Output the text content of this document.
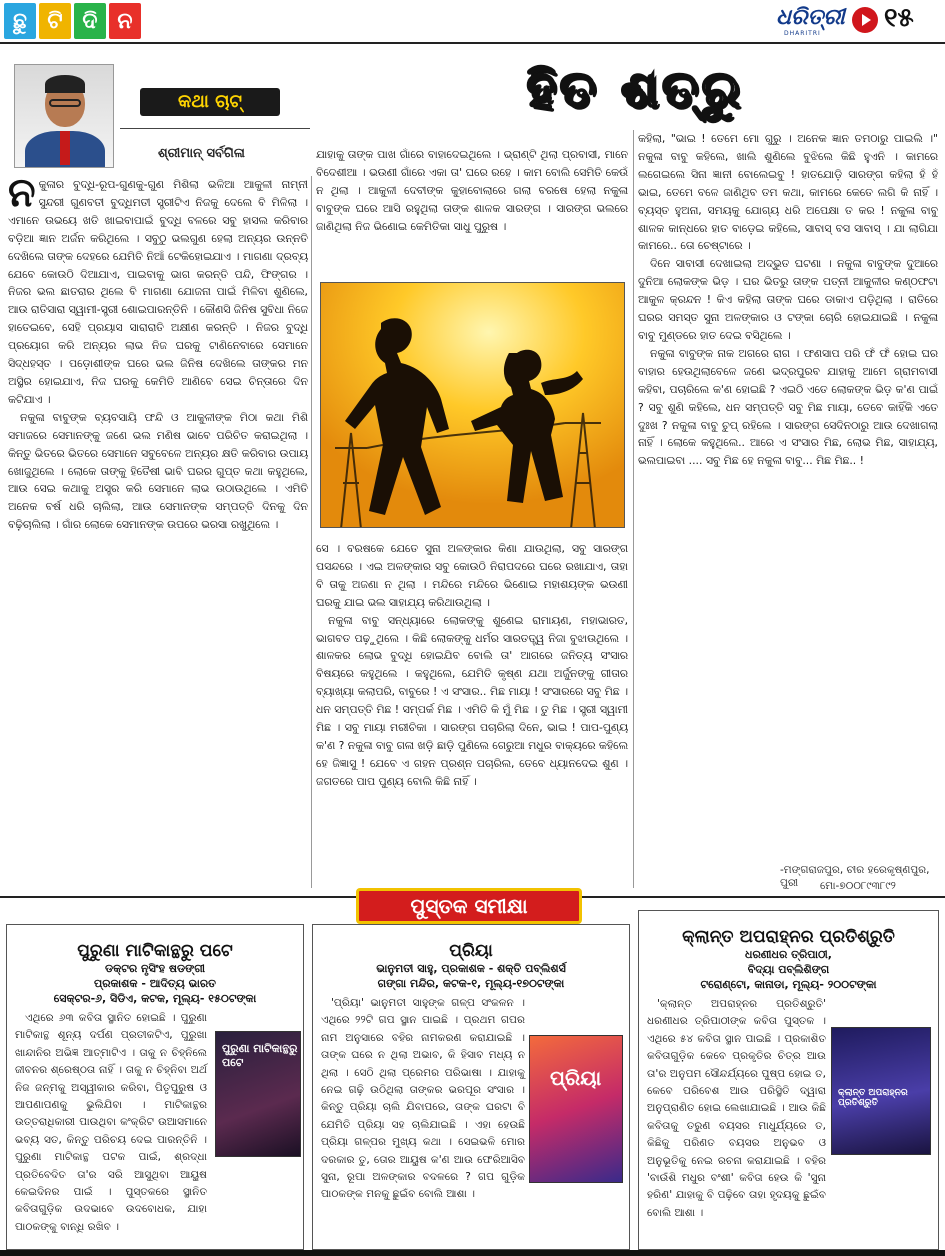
ଛୁ ଟି ଦି ନ	ଧରିତ୍ରୀ
DHARITRI
୧୫
କଥା ଚାଟ୍
ଶ୍ରୀମାନ୍ ସର୍ବଗିଳା
ହିତ ଶତ୍ରୁ
ନ କୁଳାର ବୁଦ୍ଧି-ରୂପ-ଗୁଣକୁ-ଗୁଣ ମିଶିଲା ଭଳିଆ ଆକୁଳୀ ନାମ୍ନୀ ସୁନ୍ଦରୀ ଗୁଣବତୀ ବୁଦ୍ଧିମତୀ ସ୍ତ୍ରୀଟିଏ ନିଜକୁ ଦେଲେ ବି ମିଳିଲା । ଏମାନେ ଉଭୟେ ଖତି ଖାଇବାପାଇଁ ବୁଦ୍ଧି ବଳରେ ସବୁ ହାସଲ କରିବାର ବଡ଼ିଆ ଜ୍ଞାନ ଅର୍ଜନ କରିଥିଲେ । ସବୁଠୁ ଭଲଗୁଣ ହେଲା ଅନ୍ୟର ଉନ୍ନତି ଦେଖିଲେ ତାଙ୍କ ଦେହରେ ଯେମିତି ନିଆଁ ଟେକିହୋଇଯାଏ । ମାଗଣା ଦ୍ରବ୍ୟ ଯେବେ କୋଉଠି ଦିଆଯାଏ, ପାଇବାକୁ ଭାଗ କରନ୍ତି ପନ୍ଦି, ଫିଙ୍ଗର । ନିଜର ଭଲ ଛାତରାର ଥିଲେ ବି ମାଗଣା ଯୋଜନା ପାଇଁ ମିଳିବା ଶୁଣିଲେ, ଆଉ ରାତିସାରା ସ୍ୱାମୀ-ସ୍ତ୍ରୀ ଶୋଇପାରନ୍ତିନି । କୌଣସି ଜିନିଷ ସୁବିଧା ନିଜେ ହାତେଇବେ, ସେହି ପ୍ରୟାସ ସାରାରାତି ଅକ୍ଷୀଣ କରନ୍ତି । ନିଜର ବୁଦ୍ଧି ପ୍ରୟୋଗ କରି ଅନ୍ୟର ଲାଭ ନିଜ ଘରକୁ ଟାଣିନେବାରେ ସେମାନେ ସିଦ୍ଧହସ୍ତ । ପଡ଼ୋଶୀଙ୍କ ଘରେ ଭଲ ଜିନିଷ ଦେଖିଲେ ତାଙ୍କର ମନ ଅସ୍ଥିର ହୋଇଯାଏ, ନିଜ ଘରକୁ କେମିତି ଆଣିବେ ସେଇ ଚିନ୍ତାରେ ଦିନ କଟିଯାଏ ।

ନକୁଳା ବାବୁଙ୍କ ବ୍ୟବସାୟି ଫନ୍ଦି ଓ ଆକୁଳୀଙ୍କ ମିଠା କଥା ମିଶି ସମାଜରେ ସେମାନଙ୍କୁ ଜଣେ ଭଲ ମଣିଷ ଭାବେ ପରିଚିତ କରାଇଥିଲା । କିନ୍ତୁ ଭିତରେ ଭିତରେ ସେମାନେ ସବୁବେଳେ ଅନ୍ୟର କ୍ଷତି କରିବାର ଉପାୟ ଖୋଜୁଥିଲେ । ଲୋକେ ତାଙ୍କୁ ହିତୈଷୀ ଭାବି ଘରର ଗୁପ୍ତ କଥା କହୁଥିଲେ, ଆଉ ସେଇ କଥାକୁ ଅସ୍ତ୍ର କରି ସେମାନେ ଲାଭ ଉଠାଉଥିଲେ । ଏମିତି ଅନେକ ବର୍ଷ ଧରି ଚାଲିଲା, ଆଉ ସେମାନଙ୍କ ସମ୍ପତ୍ତି ଦିନକୁ ଦିନ ବଢ଼ିଚାଲିଲା । ଗାଁର ଲୋକେ ସେମାନଙ୍କ ଉପରେ ଭରସା ରଖୁଥିଲେ ।

ଯାହାକୁ ତାଙ୍କ ପାଖ ଗାଁରେ ବାହାଦେଇଥିଲେ । ଭ୍ରାଣ୍ଟି ଥିଲା ପ୍ରବାସୀ, ମାନେ ବିଦେଶୀଆ । ଭଉଣୀ ଗାଁରେ ଏକା ତା' ଘରେ ରହେ । କାମ ବୋଲି ସେମିତି କେଉଁ ନ ଥିଲା । ଆକୁଳୀ ଦେବୀଙ୍କ କୁହାବୋଲାରେ ଗଲା ବରଷେ ହେଲା ନକୁଳା ବାବୁଙ୍କ ଘରେ ଆସି ରହୁଥିଲା ତାଙ୍କ ଶାଳକ ସାରଙ୍ଗ । ସାରଙ୍ଗ ଭଲରେ ଜାଣିଥିଲା ନିଜ ଭିଣୋଇ କେମିତିକା ସାଧୁ ପୁରୁଷ ।

ସେ । ବରଷକେ ଯେତେ ସୁନା ଅଳଙ୍କାର କିଣା ଯାଉଥିଲା, ସବୁ ସାରଙ୍ଗ ପସନ୍ଦରେ । ଏଇ ଅଳଙ୍କାର ସବୁ କୋଉଠି ନିରାପଦରେ ଘରେ ରଖାଯାଏ, ତାହା ବି ତାକୁ ଅଜଣା ନ ଥିଲା । ମନ୍ଦିରେ ମନ୍ଦିରେ ଭିଣୋଇ ମହାଶୟଙ୍କ ଭଉଣୀ ଘରକୁ ଯାଇ ଭଲ ସାହାଯ୍ୟ କରିଥାଉଥିଲା ।

ନକୁଳା ବାବୁ ସନ୍ଧ୍ୟାରେ ଲୋକଙ୍କୁ ଶୁଣେଇ ରାମାୟଣ, ମହାଭାରତ, ଭାଗବତ ପଢ଼ୁଥିଲେ । କିଛି ଲୋକଙ୍କୁ ଧର୍ମର ସାରତତ୍ତ୍ୱ ନିଜା ବୁଝାଉଥିଲେ । ଶାଳକର ଲୋଭ ବୁଦ୍ଧି ହୋଇଯିବ ବୋଲି ତା' ଆଗରେ ଜନିତ୍ୟ ସଂସାର ବିଷୟରେ କହୁଥିଲେ । କହୁଥିଲେ, ଯେମିତି କୃଷ୍ଣ ଯଥା ଅର୍ଜୁନଙ୍କୁ ଗୀତାର ବ୍ୟାଖ୍ୟା କଲାପରି, ବାବୁରେ ! ଏ ସଂସାର.. ମିଛ ମାୟା ! ସଂସାରରେ ସବୁ ମିଛ । ଧନ ସମ୍ପତ୍ତି ମିଛ ! ସମ୍ପର୍କ ମିଛ । ଏମିତି କି ମୁଁ ମିଛ । ତୁ ମିଛ । ସ୍ତ୍ରୀ ସ୍ୱାମୀ ମିଛ । ସବୁ ମାୟା ମରୀଚିକା । ସାରଙ୍ଗ ପଚାରିଲା ଦିନେ, ଭାଇ ! ପାପ-ପୁଣ୍ୟ କ'ଣ ? ନକୁଳା ବାବୁ ଗଳା ଖଡ଼ି ଛାଡ଼ି ପୁଣିଲେ ଗେରୁଆ ମଧୁର ବାକ୍ୟରେ କହିଲେ ହେ ଜିଜ୍ଞାସୁ ! ଯେବେ ଏ ଗହନ ପ୍ରଶ୍ନ ପଚାରିଲ, ତେବେ ଧ୍ୟାନଦେଇ ଶୁଣ । ଜଗତରେ ପାପ ପୁଣ୍ୟ ବୋଲି କିଛି ନାହିଁ ।

କହିଲା, "ଭାଇ ! ତେମେ ମୋ ଗୁରୁ । ଅନେକ ଜ୍ଞାନ ତମଠାରୁ ପାଇଲି ।" ନକୁଳା ବାବୁ କହିଲେ, ଖାଲି ଶୁଣିଲେ ବୁଝିଲେ କିଛି ହୁଏନି । କାମରେ ଲଗେଇଲେ ସିନା ଜ୍ଞାନୀ ବୋଲେଇବୁ ! ହାତଯୋଡ଼ି ସାରଙ୍ଗ କହିଲା ହଁ ହଁ ଭାଇ, ତେମେ ବଳେ ଜାଣିଥିବ ତମ କଥା, କାମରେ କେତେ ଲଗି କି ନାହିଁ । ବ୍ୟସ୍ତ ହୁଅନା, ସମୟକୁ ଯୋଗ୍ୟ ଧରି ଅପେକ୍ଷା ତ କର ! ନକୁଳା ବାବୁ ଶାଳକ କାନ୍ଧରେ ହାତ ବାଡ଼େଇ କହିଲେ, ସାବାସ୍ ବସ ସାବାସ୍ । ଯା ଲାଗିଯା କାମରେ.. ତୋ ଚେଷ୍ଟାରେ ।

ଦିନେ ସାବାସୀ ଦେଖାଇଲା ଅଦ୍ଭୁତ ଘଟଣା । ନକୁଳା ବାବୁଙ୍କ ଦୁଆରେ ଦୁନିଆ ଲୋକଙ୍କ ଭିଡ଼ । ଘର ଭିତରୁ ତାଙ୍କ ପତ୍ନୀ ଆକୁଳୀର କଣ୍ଠଫଟା ଆକୁଳ କ୍ରନ୍ଦନ ! କିଏ କହିଲା ତାଙ୍କ ଘରେ ଡାକାଏ ପଡ଼ିଥିଲା । ରାତିରେ ଘରର ସମସ୍ତ ସୁନା ଅଳଙ୍କାର ଓ ଟଙ୍କା ଚୋରି ହୋଇଯାଇଛି । ନକୁଳା ବାବୁ ମୁଣ୍ଡରେ ହାତ ଦେଇ ବସିଥିଲେ ।

ନକୁଳା ବାବୁଙ୍କ ନାକ ଅଗରେ ରାଗ । ଫଣସାପ ପରି ଫଁ ଫଁ ହୋଇ ଘର ବାହାର ହେଉଥିଲାବେଳେ ଜଣେ ଭଦ୍ରପୁରବ ଯାହାକୁ ଆମେ ଗ୍ରାମବାସୀ କହିବା, ପଚାରିଲେ କ'ଣ ହୋଇଛି ? ଏଇଠି ଏତେ ଲୋକଙ୍କ ଭିଡ଼ କ'ଣ ପାଇଁ ? ସବୁ ଶୁଣି କହିଲେ, ଧନ ସମ୍ପତ୍ତି ସବୁ ମିଛ ମାୟା, ତେବେ କାହିଁକି ଏତେ ଦୁଃଖ ? ନକୁଳା ବାବୁ ଚୁପ୍ ରହିଲେ । ସାରଙ୍ଗ ସେଦିନଠାରୁ ଆଉ ଦେଖାଗଲା ନାହିଁ । ଲୋକେ କହୁଥିଲେ.. ଆରେ ଏ ସଂସାର ମିଛ, ଲୋଭ ମିଛ, ସାହାଯ୍ୟ, ଭଲପାଇବା .... ସବୁ ମିଛ ହେ ନକୁଳା ବାବୁ... ମିଛ ମିଛ.. !

-ମଙ୍ଗରାଜପୁର, ଚୀର ହରେକୃଷ୍ଣପୁର, ପୁରୀ	ମୋ-୭୦୦୮୯୩୮୯୨
ପୁରୁଣା ମାଟିକାନ୍ଥରୁ ପଟେ
ଡକ୍ଟର ନୃସିଂହ ଷଡଙ୍ଗୀ
ପ୍ରକାଶକ - ଆଦିତ୍ୟ ଭାରତ
ସେକ୍ଟର-୬, ସିଡିଏ, କଟକ, ମୂଲ୍ୟ- ୧୫୦ଟଙ୍କା

ଏଥିରେ ୬୩ କବିତା ସ୍ଥାନିତ ହୋଇଛି । ପୁରୁଣା ମାଟିକାନ୍ଥ ଶୂନ୍ୟ ଦର୍ପଣ ପ୍ରତୀକଟିଏ, ପୁରୁଖା ଖାନ୍ଦାନିର ଅଭିଜ୍ଞ ଆତ୍ମାଟିଏ । ତାକୁ ନ ଚିହ୍ନିଲେ ଜୀବନର ଶ୍ରେଷ୍ଠତା ନାହିଁ । ତାକୁ ନ ଚିହ୍ନିବା ଅର୍ଥ ନିଜ ଜନ୍ମକୁ ଅସ୍ୱୀକାର କରିବା, ପିତୃପୁରୁଷ ଓ ଆପଣାପଣକୁ ଭୁଲିଯିବା । ମାଟିକାନ୍ଥର ଉତ୍ତରାଧିକାରୀ ପାଉଥିବା କଂକ୍ରିଟ ଉଆସମାନେ ଭବ୍ୟ ସତ, କିନ୍ତୁ ପରିଚୟ ଦେଇ ପାରନ୍ତିନି । ପୁରୁଣା ମାଟିକାନ୍ଥ ପଟକ ପାଇଁ, ଶ୍ରଦ୍ଧା ପ୍ରତିବେଦିତ ତା'ର ସରି ଆସୁଥିବା ଆୟୁଷ କେଇଦିନର ପାଇଁ । ପୁସ୍ତକରେ ସ୍ଥାନିତ କବିତାଗୁଡ଼ିକ ଉଦଭାବେ ଉଦବୋଧକ, ଯାହା ପାଠକଙ୍କୁ ବାନ୍ଧି ରଖିବ ।

ପୁରୁଣା ମାଟିକାନ୍ଥରୁ ପଟେ
ପୁସ୍ତକ ସମୀକ୍ଷା
ପ୍ରିୟା
ଭାନୁମତୀ ସାହୁ, ପ୍ରକାଶକ - ଶକ୍ତି ପବ୍ଲିଶର୍ସ
ଗଙ୍ଗା ମନ୍ଦିର, କଟକ-୧, ମୂଲ୍ୟ-୧୭୦ଟଙ୍କା

'ପ୍ରିୟା' ଭାନୁମତୀ ସାହୁଙ୍କ ଗଳ୍ପ ସଂକଳନ । ଏଥିରେ ୨୨ଟି ଗପ ସ୍ଥାନ ପାଇଛି । ପ୍ରଥମ ଗପର ନାମ ଅନୁସାରେ ବହିର ନାମକରଣ କରାଯାଇଛି । ତାଙ୍କ ଘରେ ନ ଥିଲା ଅଭାବ, କି ହିସାବ ମଧ୍ୟ ନ ଥିଲା । ସେଠି ଥିଲା ପ୍ରେମର ପରିଭାଷା । ଯାହାକୁ ନେଇ ଗଢ଼ି ଉଠିଥିଲା ତାଙ୍କର ଭରପୂର ସଂସାର । କିନ୍ତୁ ପ୍ରିୟା ଚାଲି ଯିବାପରେ, ତାଙ୍କ ଘରଟା ବି ଯେମିତି ପ୍ରିୟା ସହ ଚାଲିଯାଇଛି । ଏହା ହେଉଛି ପ୍ରିୟା ଗଳ୍ପର ମୁଖ୍ୟ କଥା । ସେଇଭଳି ମୋର ଦରକାର ତୁ, ତୋର ଆୟୁଷ କ'ଣ ଆଉ ଫେରିଆସିବ ସୁନା, ରୂପା ଅଳଙ୍କାର ବଦଳରେ ? ଗପ ଗୁଡ଼ିକ ପାଠକଙ୍କ ମନକୁ ଛୁଇଁବ ବୋଲି ଆଶା ।

ପ୍ରିୟା
କ୍ଲାନ୍ତ ଅପରାହ୍ନର ପ୍ରତିଶ୍ରୁତି
ଧରଣୀଧର ତ୍ରିପାଠୀ,
ବିଦ୍ୟା ପବ୍ଲିଶିଙ୍ଗ
ଟରୋଣ୍ଟୋ, କାନାଡା, ମୂଲ୍ୟ- ୨୦୦ଟଙ୍କା

'କ୍ଲାନ୍ତ ଅପରାହ୍ନର ପ୍ରତିଶ୍ରୁତି' ଧରଣୀଧର ତ୍ରିପାଠୀଙ୍କ କବିତା ପୁସ୍ତକ । ଏଥିରେ ୫୪ କବିତା ସ୍ଥାନ ପାଇଛି । ପ୍ରକାଶିତ କବିତାଗୁଡ଼ିକ କେବେ ପ୍ରକୃତିର ଚିତ୍ର ଆଉ ତା'ର ଅନୁପମ ସୌନ୍ଦର୍ଯ୍ୟରେ ପୁଷ୍ପ ହୋଇ ତ, କେବେ ପରିବେଶ ଆଉ ପରିସ୍ଥିତି ଦ୍ୱାରା ଅନୁପ୍ରାଣିତ ହୋଇ ଲେଖାଯାଇଛି । ଆଉ କିଛି କବିତାକୁ ତରୁଣ ବୟସର ମାଧୁର୍ଯ୍ୟରେ ତ, କିଛିକୁ ପରିଣତ ବୟସର ଅନୁଭବ ଓ ଅନୁଭୂତିକୁ ନେଇ ରଚନା କରାଯାଇଛି । ବହିର 'ବାଉଁଶି ମଧୁର ବଂଶୀ' କବିତା ହେଉ କି 'ସୁନା ହରିଣ' ଯାହାକୁ ବି ପଢ଼ିବେ ତାହା ହୃଦୟକୁ ଛୁଇଁବ ବୋଲି ଆଶା ।

କ୍ଲାନ୍ତ ଅପରାହ୍ନର ପ୍ରତିଶ୍ରୁତି
